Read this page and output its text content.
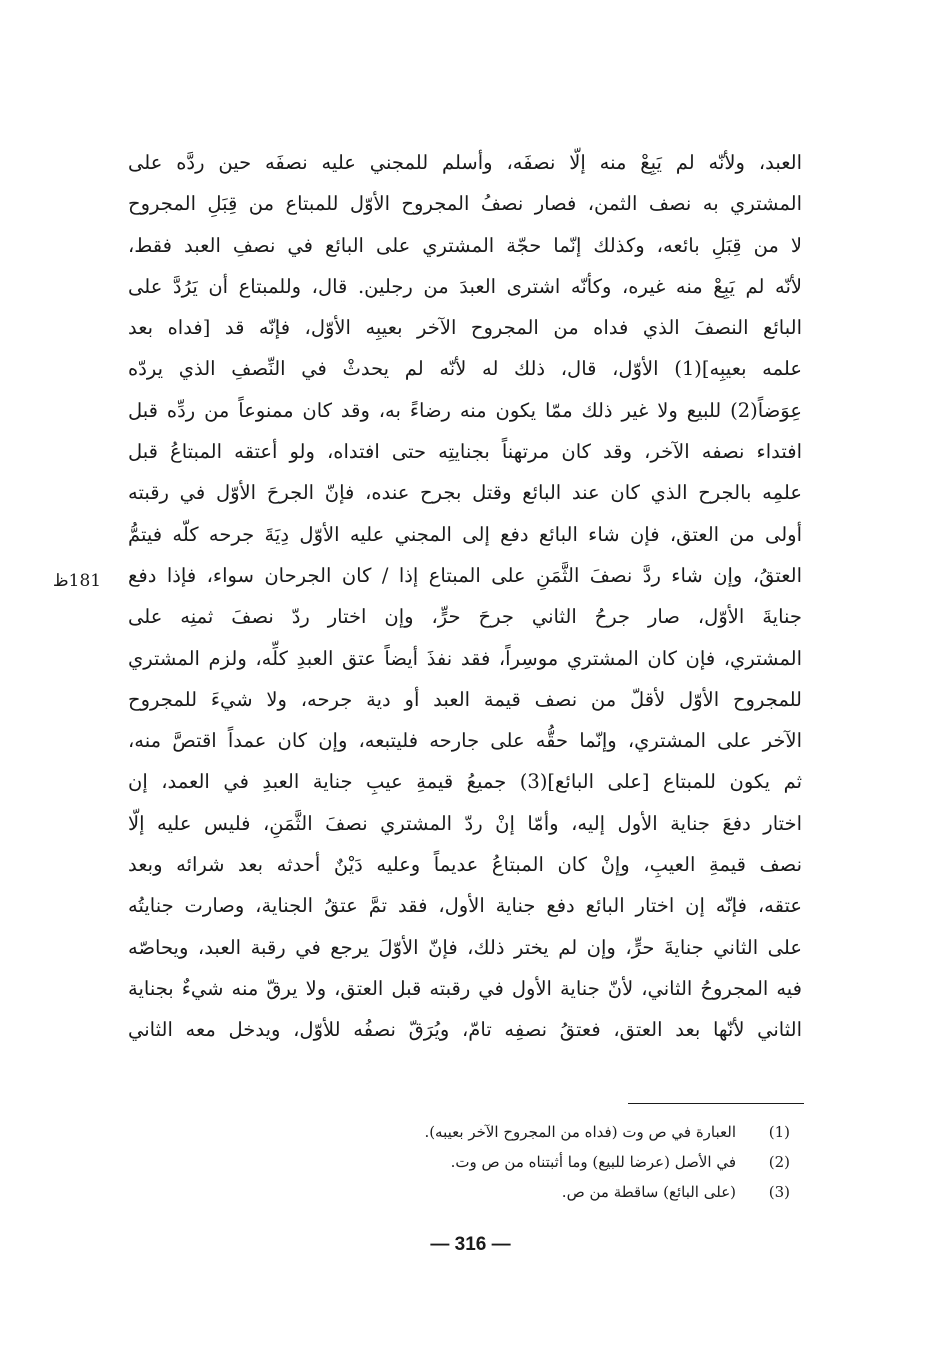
العبد، ولأنّه لم يَبِعْ منه إلّا نصفَه، وأسلم للمجني عليه نصفَه حين ردَّه على
المشتري به نصف الثمن، فصار نصفُ المجروح الأوّل للمبتاع من قِبَلِ المجروح
لا من قِبَلِ بائعه، وكذلك إنّما حجّة المشتري على البائع في نصفِ العبد فقط،
لأنّه لم يَبِعْ منه غيره، وكأنّه اشترى العبدَ من رجلين. قال، وللمبتاع أن يَرُدَّ على
البائع النصفَ الذي فداه من المجروح الآخر بعيبِه الأوّل، فإنّه قد [فداه بعد
علمه بعيبِه](1) الأوّل، قال، ذلك له لأنّه لم يحدثْ في النِّصفِ الذي يردّه
عِوَضاً(2) للبيع ولا غير ذلك ممّا يكون منه رضاءً به، وقد كان ممنوعاً من ردِّه قبل
افتداء نصفه الآخر، وقد كان مرتهناً بجنايتِه حتى افتداه، ولو أعتقه المبتاعُ قبل
علمِه بالجرح الذي كان عند البائع وقتل بجرح عنده، فإنّ الجرحَ الأوّل في رقبته
أولى من العتق، فإن شاء البائع دفع إلى المجني عليه الأوّل دِيَةَ جرحه كلّه فيتمُّ
العتقُ، وإن شاء ردَّ نصفَ الثَّمَنِ على المبتاع إذا / كان الجرحان سواء، فإذا دفع
جنايةَ الأوّل، صار جرحُ الثاني جرحَ حرٍّ، وإن اختار ردّ نصفَ ثمنِه على
المشتري، فإن كان المشتري موسِراً، فقد نفذَ أيضاً عتق العبدِ كلِّه، ولزم المشتري
للمجروح الأوّل لأقلّ من نصف قيمة العبد أو دية جرحه، ولا شيءَ للمجروح
الآخر على المشتري، وإنّما حقُّه على جارحه فليتبعه، وإن كان عمداً اقتصَّ منه،
ثم يكون للمبتاع [على البائع](3) جميعُ قيمةِ عيبِ جناية العبدِ في العمد، إن
اختار دفعَ جناية الأول إليه، وأمّا إنْ ردّ المشتري نصفَ الثَّمَنِ، فليس عليه إلّا
نصف قيمةِ العيبِ، وإنْ كان المبتاعُ عديماً وعليه دَيْنٌ أحدثه بعد شرائه وبعد
عتقه، فإنّه إن اختار البائع دفع جناية الأول، فقد تمَّ عتقُ الجناية، وصارت جنايتُه
على الثاني جنايةَ حرٍّ، وإن لم يختر ذلك، فإنّ الأوّلَ يرجع في رقبة العبد، ويحاصّه
فيه المجروحُ الثاني، لأنّ جناية الأول في رقبته قبل العتق، ولا يرقّ منه شيءٌ بجناية
الثاني لأنّها بعد العتق، فعتقُ نصفِه تامّ، ويُرَقّ نصفُه للأوّل، ويدخل معه الثاني
181ظ
(1)
العبارة في ص وت (فداه من المجروح الآخر بعيبه).
(2)
في الأصل (عرضا للبيع) وما أثبتناه من ص وت.
(3)
(على البائع) ساقطة من ص.
— 316 —
